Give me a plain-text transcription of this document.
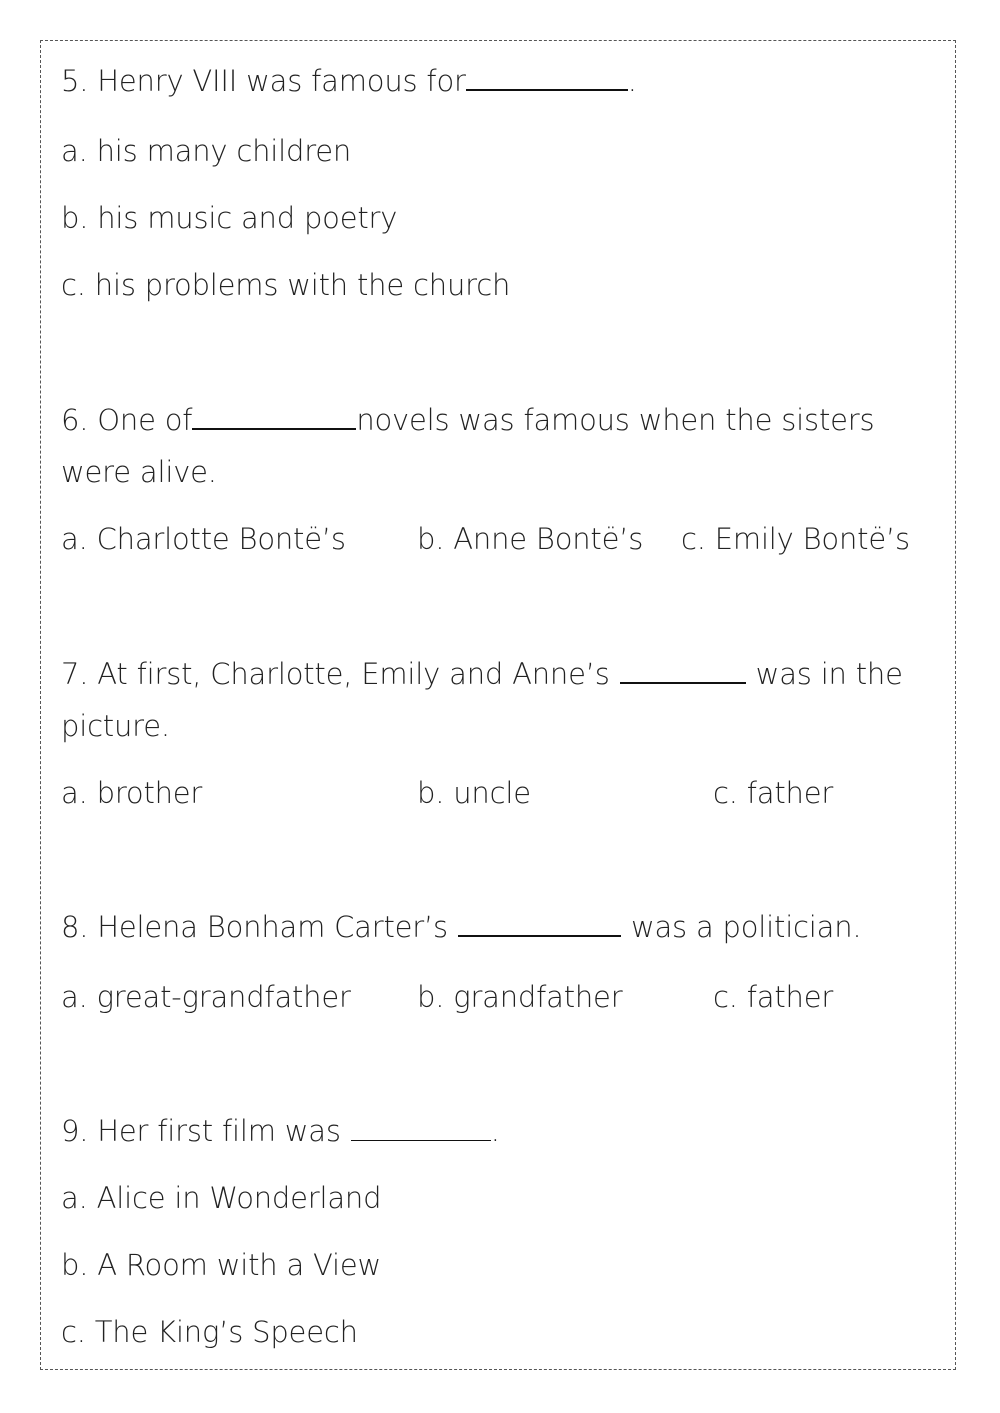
5. Henry VIII was famous for	.

a. his many children

b. his music and poetry

c. his problems with the church

6. One of	novels was famous when the sisters

were alive.

a. Charlotte Bontë’s b. Anne Bontë’s c. Emily Bontë’s

7. At first, Charlotte, Emily and Anne’s	was in the

picture.

a. brother	b. uncle	c. father

8. Helena Bonham Carter’s	was a politician.

a. great-grandfather b. grandfather	c. father

9. Her first film was	.

a. Alice in Wonderland

b. A Room with a View

c. The King’s Speech
